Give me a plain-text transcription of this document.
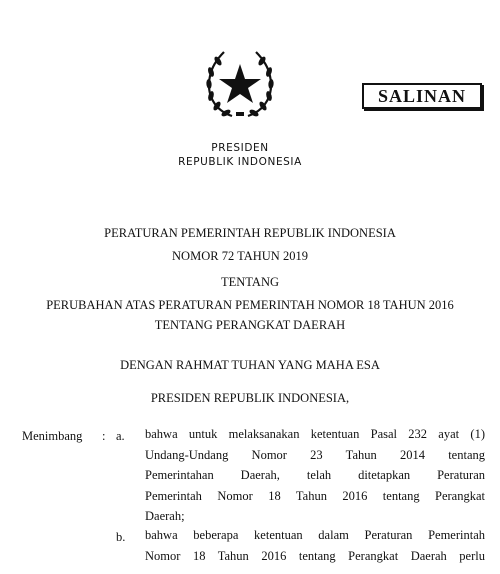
SALINAN
PRESIDEN
REPUBLIK INDONESIA
PERATURAN PEMERINTAH REPUBLIK INDONESIA
NOMOR 72 TAHUN 2019
TENTANG
PERUBAHAN ATAS PERATURAN PEMERINTAH NOMOR 18 TAHUN 2016
TENTANG PERANGKAT DAERAH
DENGAN RAHMAT TUHAN YANG MAHA ESA
PRESIDEN REPUBLIK INDONESIA,
Menimbang : a. bahwa untuk melaksanakan ketentuan Pasal 232 ayat (1)
Undang-Undang Nomor 23 Tahun 2014 tentang
Pemerintahan Daerah, telah ditetapkan Peraturan
Pemerintah Nomor 18 Tahun 2016 tentang Perangkat
Daerah;
b. bahwa beberapa ketentuan dalam Peraturan Pemerintah
Nomor 18 Tahun 2016 tentang Perangkat Daerah perlu
